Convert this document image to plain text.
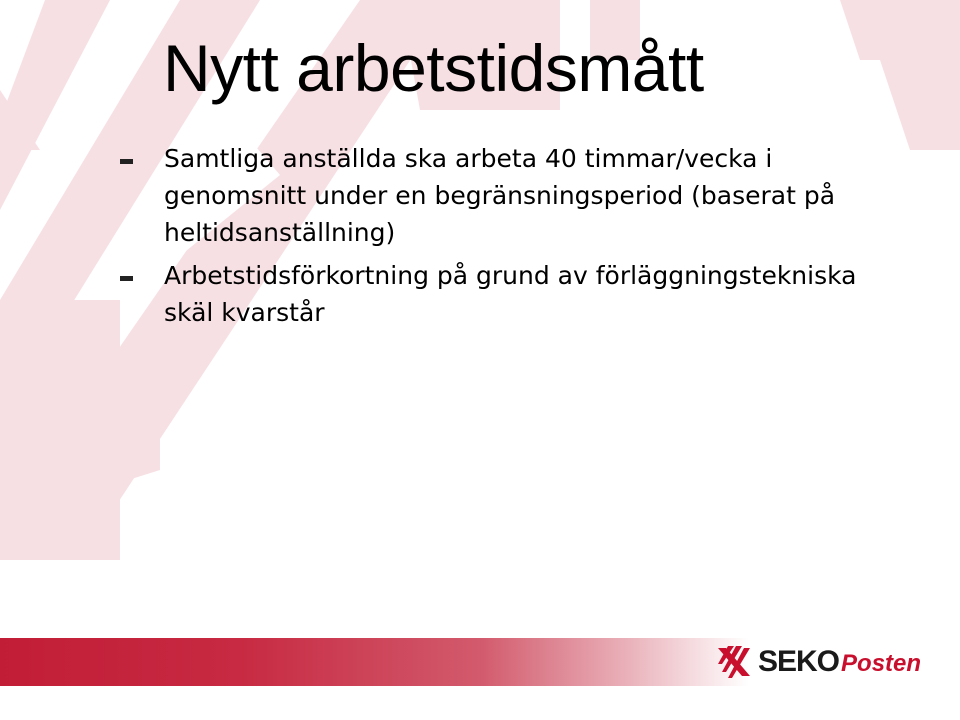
Nytt arbetstidsmått
Samtliga anställda ska arbeta 40 timmar/vecka i genomsnitt under en begränsningsperiod (baserat på heltidsanställning)
Arbetstidsförkortning på grund av förläggningstekniska skäl kvarstår
SEKO Posten
